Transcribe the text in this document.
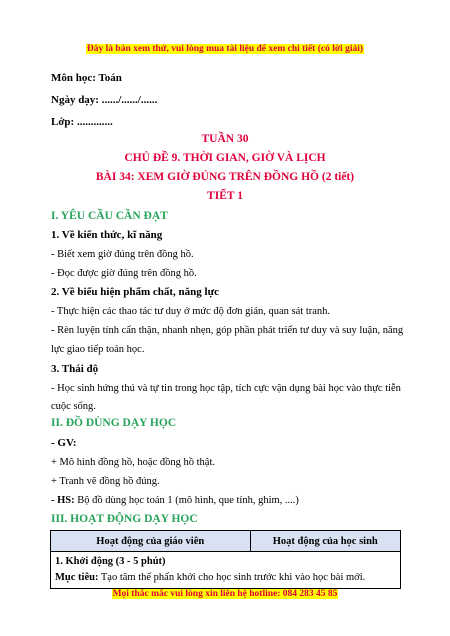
Đây là bản xem thử, vui lòng mua tài liệu để xem chi tiết (có lời giải)
Môn học: Toán
Ngày dạy: ....../....../......
Lớp: .............
TUẦN 30
CHỦ ĐỀ 9. THỜI GIAN, GIỜ VÀ LỊCH
BÀI 34: XEM GIỜ ĐÚNG TRÊN ĐỒNG HỒ (2 tiết)
TIẾT 1
I. YÊU CẦU CẦN ĐẠT
1. Về kiến thức, kĩ năng
- Biết xem giờ đúng trên đồng hồ.
- Đọc được giờ đúng trên đồng hồ.
2. Về biểu hiện phẩm chất, năng lực
- Thực hiện các thao tác tư duy ở mức độ đơn giản, quan sát tranh.
- Rèn luyện tính cẩn thận, nhanh nhẹn, góp phần phát triển tư duy và suy luận, năng
lực giao tiếp toán học.
3. Thái độ
- Học sinh hứng thú và tự tin trong học tập, tích cực vận dụng bài học vào thực tiễn
cuộc sống.
II. ĐỒ DÙNG DẠY HỌC
- GV:
Mọi thắc mắc vui lòng xin liên hệ hotline: 084 283 45 85
+ Mô hình đồng hồ, hoặc đồng hồ thật.
+ Tranh vẽ đồng hồ đúng.
- HS: Bộ đồ dùng học toán 1 (mô hình, que tính, ghim, ....)
III. HOẠT ĐỘNG DẠY HỌC
Hoạt động của giáo viên	Hoạt động của học sinh

1. Khởi động (3 - 5 phút)
Mục tiêu: Tạo tâm thế phấn khởi cho học sinh trước khi vào học bài mới.
